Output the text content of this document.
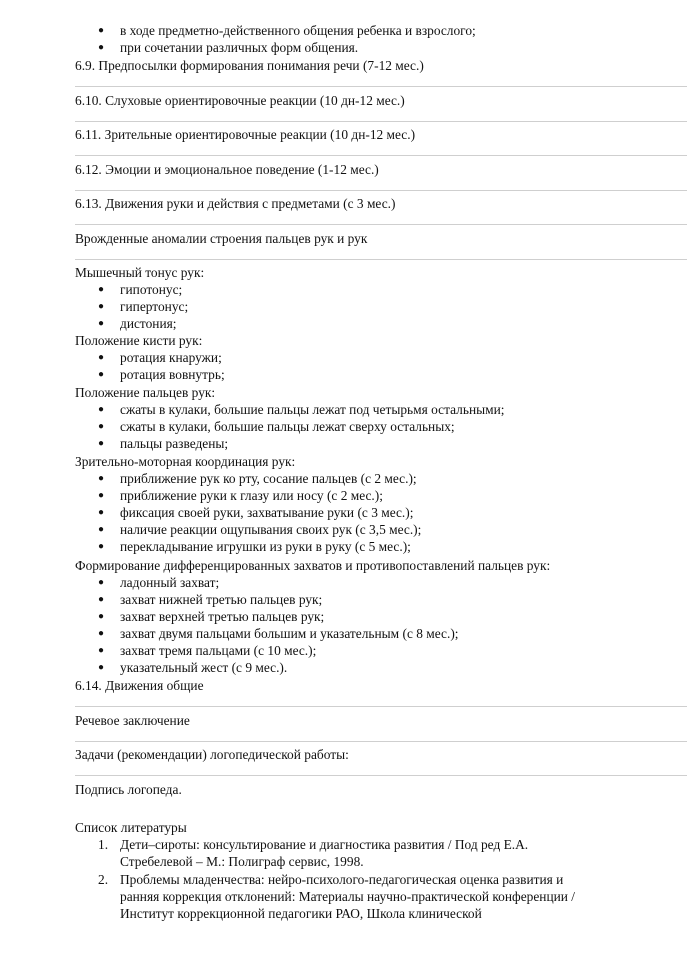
●	в ходе предметно-действенного общения ребенка и взрослого;
●	при сочетании различных форм общения.
6.9. Предпосылки формирования понимания речи (7-12 мес.)
6.10. Слуховые ориентировочные реакции (10 дн-12 мес.)
6.11. Зрительные ориентировочные реакции (10 дн-12 мес.)
6.12. Эмоции и эмоциональное поведение (1-12 мес.)
6.13. Движения руки и действия с предметами (с 3 мес.)
Врожденные аномалии строения пальцев рук и рук
Мышечный тонус рук:
●	гипотонус;
●	гипертонус;
●	дистония;
Положение кисти рук:
●	ротация кнаружи;
●	ротация вовнутрь;
Положение пальцев рук:
●	сжаты в кулаки, большие пальцы лежат под четырьмя остальными;
●	сжаты в кулаки, большие пальцы лежат сверху остальных;
●	пальцы разведены;
Зрительно-моторная координация рук:
●	приближение рук ко рту, сосание пальцев (с 2 мес.);
●	приближение руки к глазу или носу (с 2 мес.);
●	фиксация своей руки, захватывание руки (с 3 мес.);
●	наличие реакции ощупывания своих рук (с 3,5 мес.);
●	перекладывание игрушки из руки в руку (с 5 мес.);
Формирование дифференцированных захватов и противопоставлений пальцев рук:
●	ладонный захват;
●	захват нижней третью пальцев рук;
●	захват верхней третью пальцев рук;
●	захват двумя пальцами большим и указательным (с 8 мес.);
●	захват тремя пальцами (с 10 мес.);
●	указательный жест (с 9 мес.).
6.14. Движения общие
Речевое заключение
Задачи (рекомендации) логопедической работы:
Подпись логопеда.
Список литературы
1. Дети–сироты: консультирование и диагностика развития / Под ред Е.А.
Стребелевой – М.: Полиграф сервис, 1998.
2. Проблемы младенчества: нейро-психолого-педагогическая оценка развития и
ранняя коррекция отклонений: Материалы научно-практической конференции /
Институт коррекционной педагогики РАО, Школа клинической
